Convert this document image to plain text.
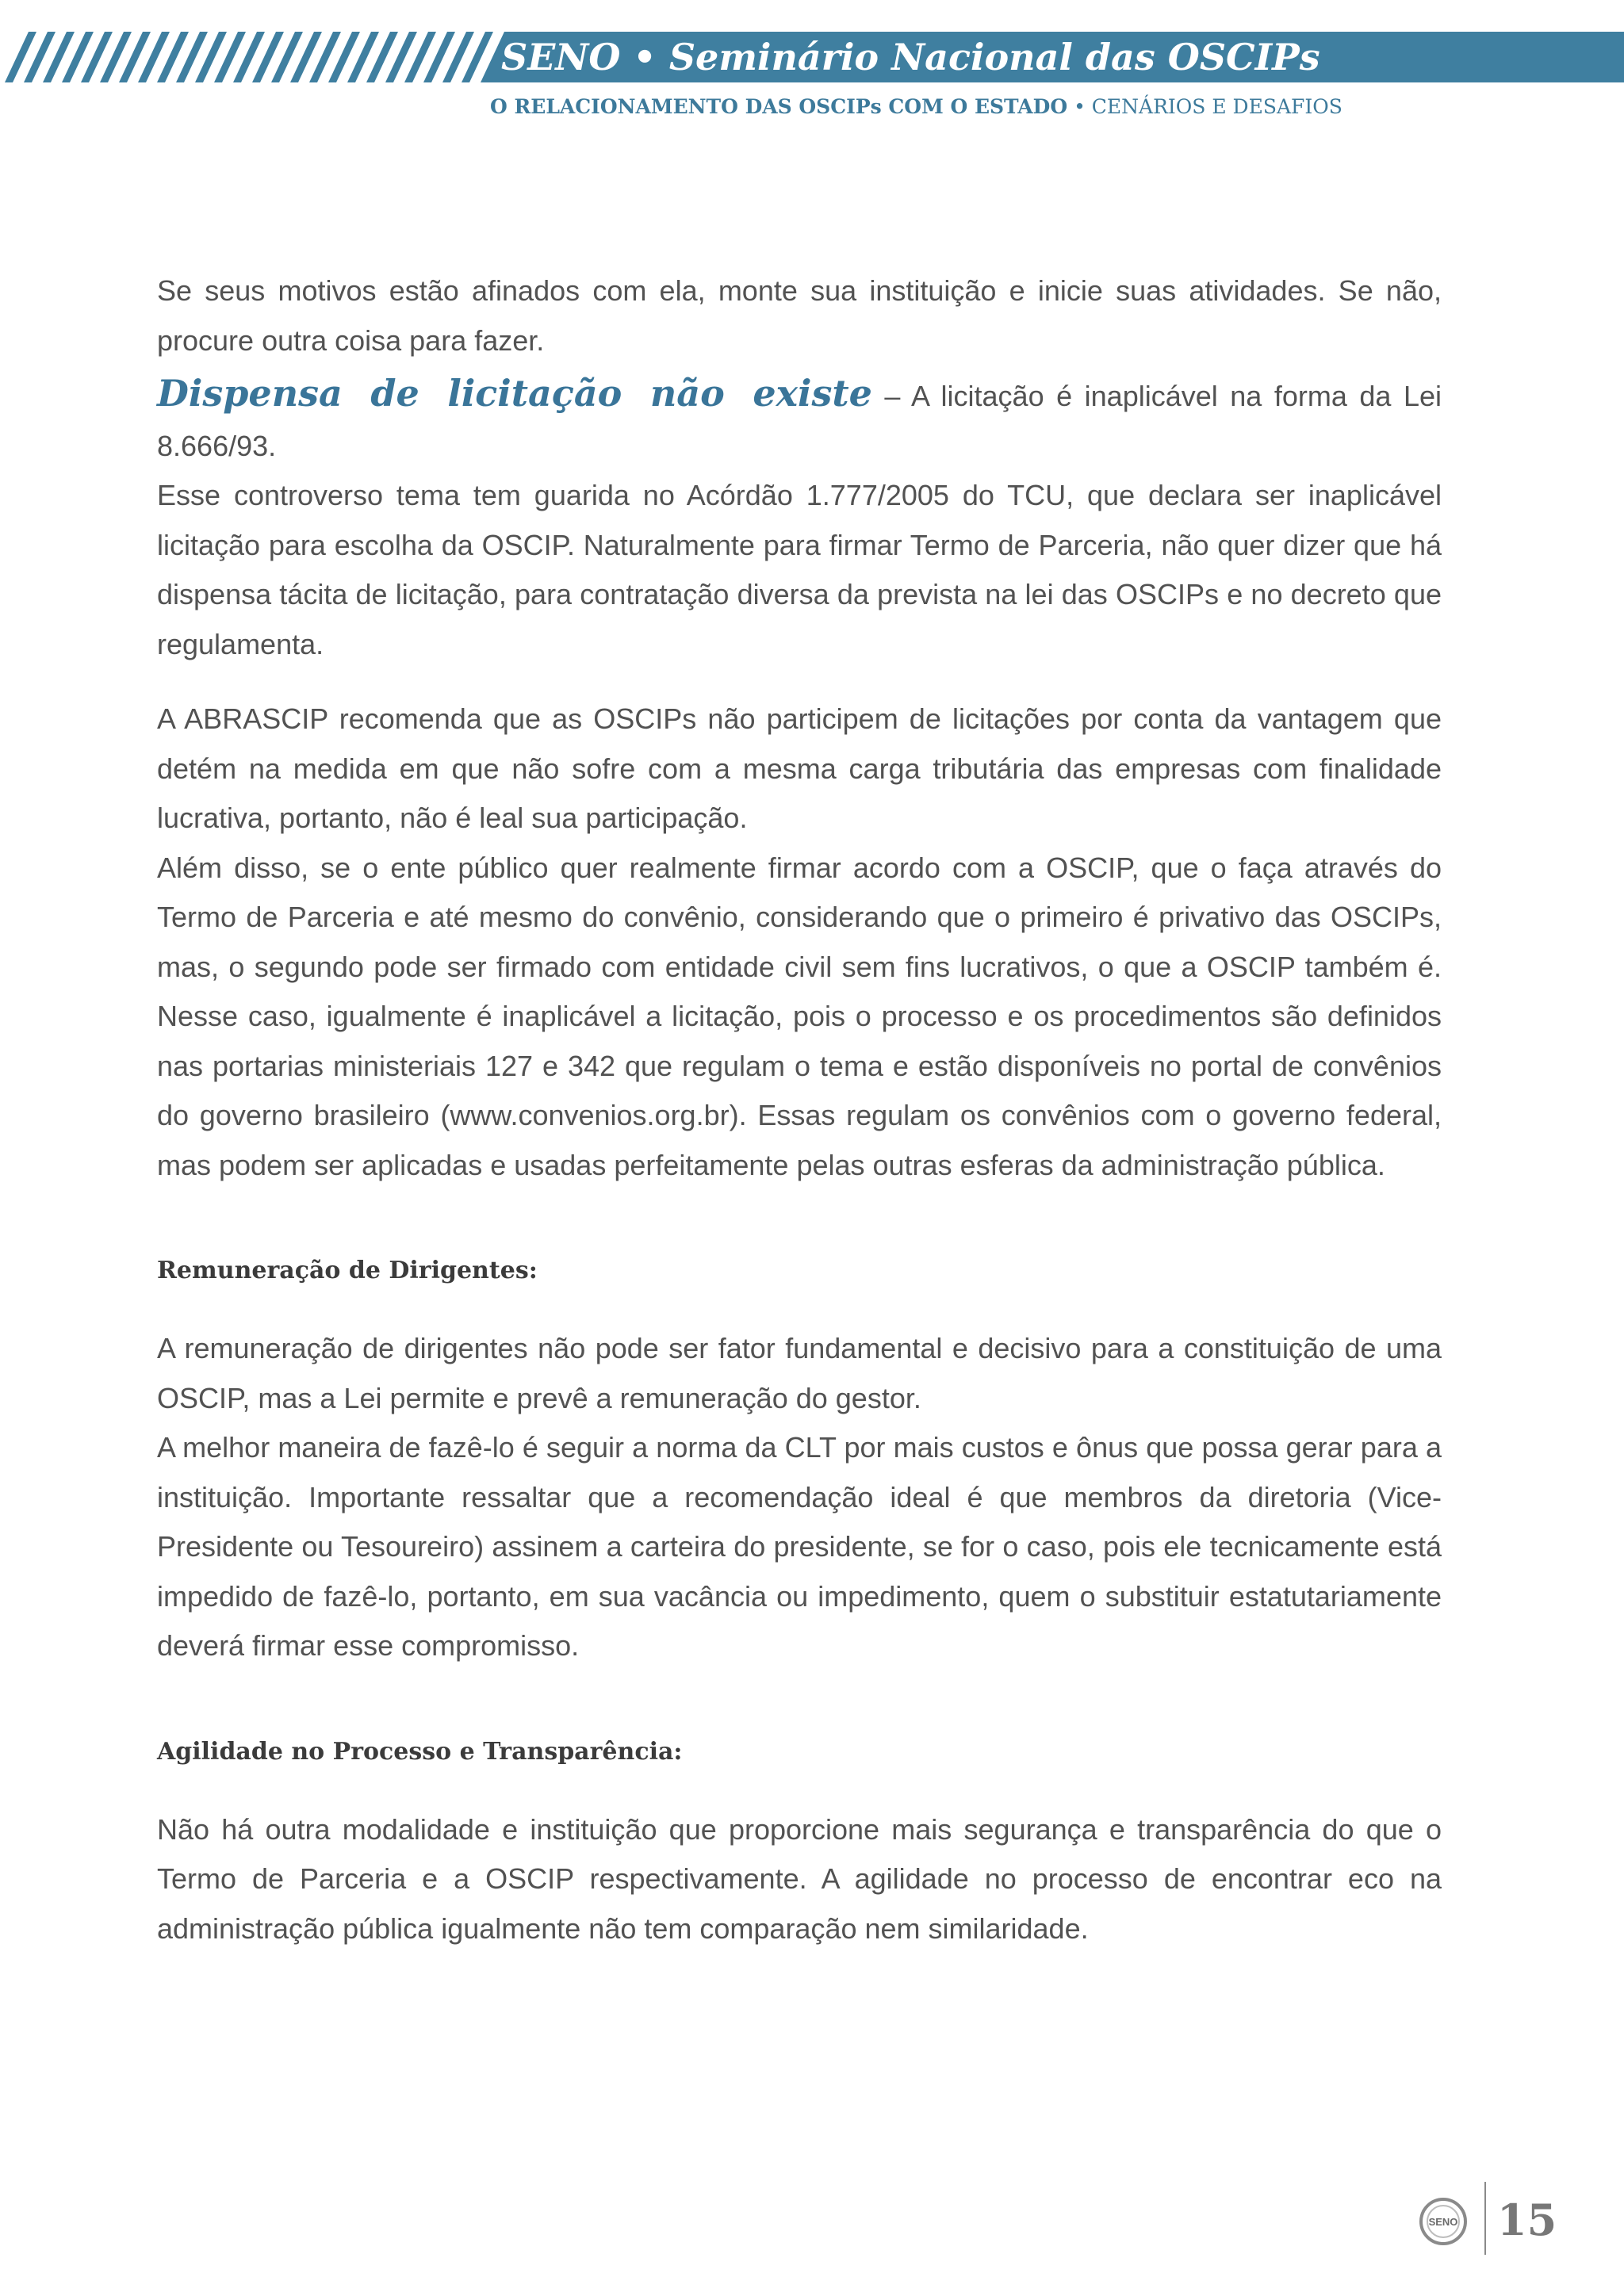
SENO • Seminário Nacional das OSCIPs
O RELACIONAMENTO DAS OSCIPs COM O ESTADO • CENÁRIOS E DESAFIOS

Se seus motivos estão afinados com ela, monte sua instituição e inicie suas atividades. Se não, procure outra coisa para fazer.

Dispensa de licitação não existe – A licitação é inaplicável na forma da Lei 8.666/93.

Esse controverso tema tem guarida no Acórdão 1.777/2005 do TCU, que declara ser inaplicável licitação para escolha da OSCIP. Naturalmente para firmar Termo de Parceria, não quer dizer que há dispensa tácita de licitação, para contratação diversa da prevista na lei das OSCIPs e no decreto que regulamenta.

A ABRASCIP recomenda que as OSCIPs não participem de licitações por conta da vantagem que detém na medida em que não sofre com a mesma carga tributária das empresas com finalidade lucrativa, portanto, não é leal sua participação.

Além disso, se o ente público quer realmente firmar acordo com a OSCIP, que o faça através do Termo de Parceria e até mesmo do convênio, considerando que o primeiro é privativo das OSCIPs, mas, o segundo pode ser firmado com entidade civil sem fins lucrativos, o que a OSCIP também é. Nesse caso, igualmente é inaplicável a licitação, pois o processo e os procedimentos são definidos nas portarias ministeriais 127 e 342 que regulam o tema e estão disponíveis no portal de convênios do governo brasileiro (www.convenios.org.br). Essas regulam os convênios com o governo federal, mas podem ser aplicadas e usadas perfeitamente pelas outras esferas da administração pública.

Remuneração de Dirigentes:

A remuneração de dirigentes não pode ser fator fundamental e decisivo para a constituição de uma OSCIP, mas a Lei permite e prevê a remuneração do gestor.

A melhor maneira de fazê-lo é seguir a norma da CLT por mais custos e ônus que possa gerar para a instituição. Importante ressaltar que a recomendação ideal é que membros da diretoria (Vice-Presidente ou Tesoureiro) assinem a carteira do presidente, se for o caso, pois ele tecnicamente está impedido de fazê-lo, portanto, em sua vacância ou impedimento, quem o substituir estatutariamente deverá firmar esse compromisso.

Agilidade no Processo e Transparência:

Não há outra modalidade e instituição que proporcione mais segurança e transparência do que o Termo de Parceria e a OSCIP respectivamente. A agilidade no processo de encontrar eco na administração pública igualmente não tem comparação nem similaridade.

SENO 15
